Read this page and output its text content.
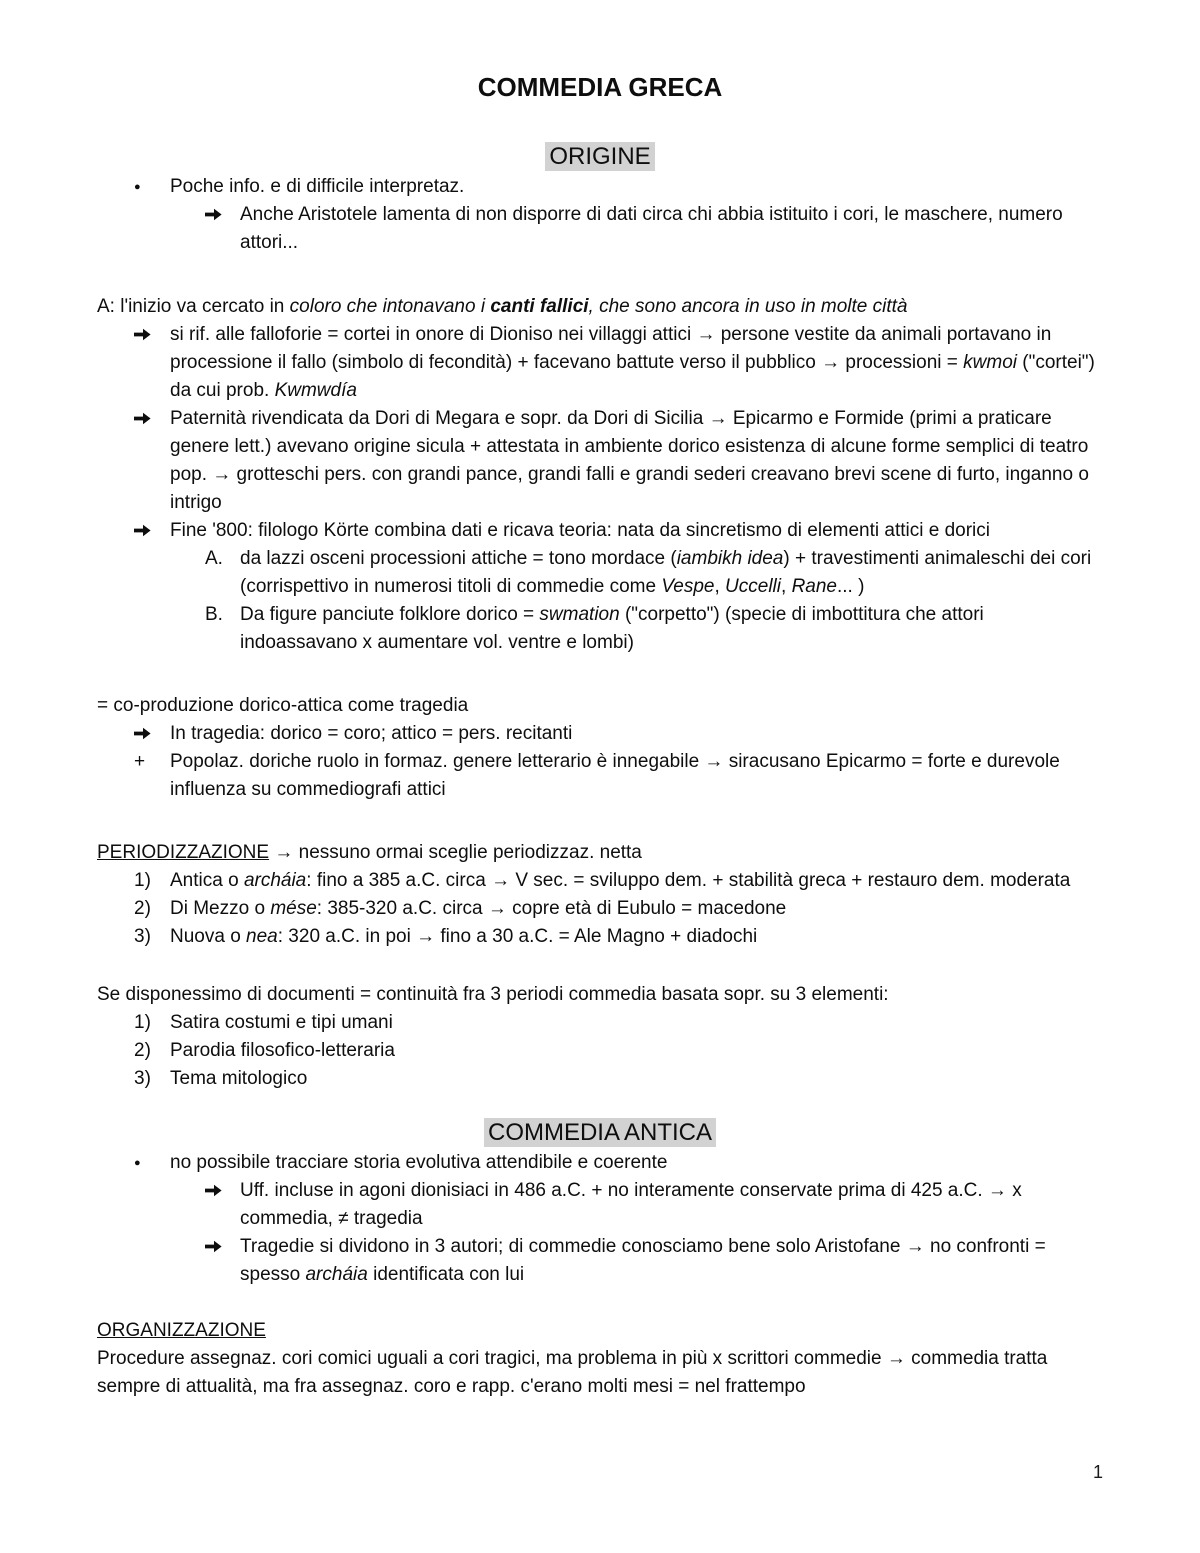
COMMEDIA GRECA
ORIGINE
●	Poche info. e di difficile interpretaz.
Anche Aristotele lamenta di non disporre di dati circa chi abbia istituito i cori, le maschere, numero attori...
A: l'inizio va cercato in coloro che intonavano i canti fallici, che sono ancora in uso in molte città
si rif. alle falloforie = cortei in onore di Dioniso nei villaggi attici → persone vestite da animali portavano in processione il fallo (simbolo di fecondità) + facevano battute verso il pubblico → processioni = kwmoi ("cortei") da cui prob. Kwmwdía
Paternità rivendicata da Dori di Megara e sopr. da Dori di Sicilia → Epicarmo e Formide (primi a praticare genere lett.) avevano origine sicula + attestata in ambiente dorico esistenza di alcune forme semplici di teatro pop. → grotteschi pers. con grandi pance, grandi falli e grandi sederi creavano brevi scene di furto, inganno o intrigo
Fine '800: filologo Körte combina dati e ricava teoria: nata da sincretismo di elementi attici e dorici
A. da lazzi osceni processioni attiche = tono mordace (iambikh idea) + travestimenti animaleschi dei cori (corrispettivo in numerosi titoli di commedie come Vespe, Uccelli, Rane... )
B. Da figure panciute folklore dorico = swmation ("corpetto") (specie di imbottitura che attori indoassavano x aumentare vol. ventre e lombi)
= co-produzione dorico-attica come tragedia
In tragedia: dorico = coro; attico = pers. recitanti
+	Popolaz. doriche ruolo in formaz. genere letterario è innegabile → siracusano Epicarmo = forte e durevole influenza su commediografi attici
PERIODIZZAZIONE → nessuno ormai sceglie periodizzaz. netta
1)	Antica o archáia: fino a 385 a.C. circa → V sec. = sviluppo dem. + stabilità greca + restauro dem. moderata
2)	Di Mezzo o mése: 385-320 a.C. circa → copre età di Eubulo = macedone
3)	Nuova o nea: 320 a.C. in poi → fino a 30 a.C. = Ale Magno + diadochi
Se disponessimo di documenti = continuità fra 3 periodi commedia basata sopr. su 3 elementi:
1)	Satira costumi e tipi umani
2)	Parodia filosofico-letteraria
3)	Tema mitologico
COMMEDIA ANTICA
●	no possibile tracciare storia evolutiva attendibile e coerente
Uff. incluse in agoni dionisiaci in 486 a.C. + no interamente conservate prima di 425 a.C. → x commedia, ≠ tragedia
Tragedie si dividono in 3 autori; di commedie conosciamo bene solo Aristofane → no confronti = spesso archáia identificata con lui
ORGANIZZAZIONE
Procedure assegnaz. cori comici uguali a cori tragici, ma problema in più x scrittori commedie → commedia tratta sempre di attualità, ma fra assegnaz. coro e rapp. c'erano molti mesi = nel frattempo
1
